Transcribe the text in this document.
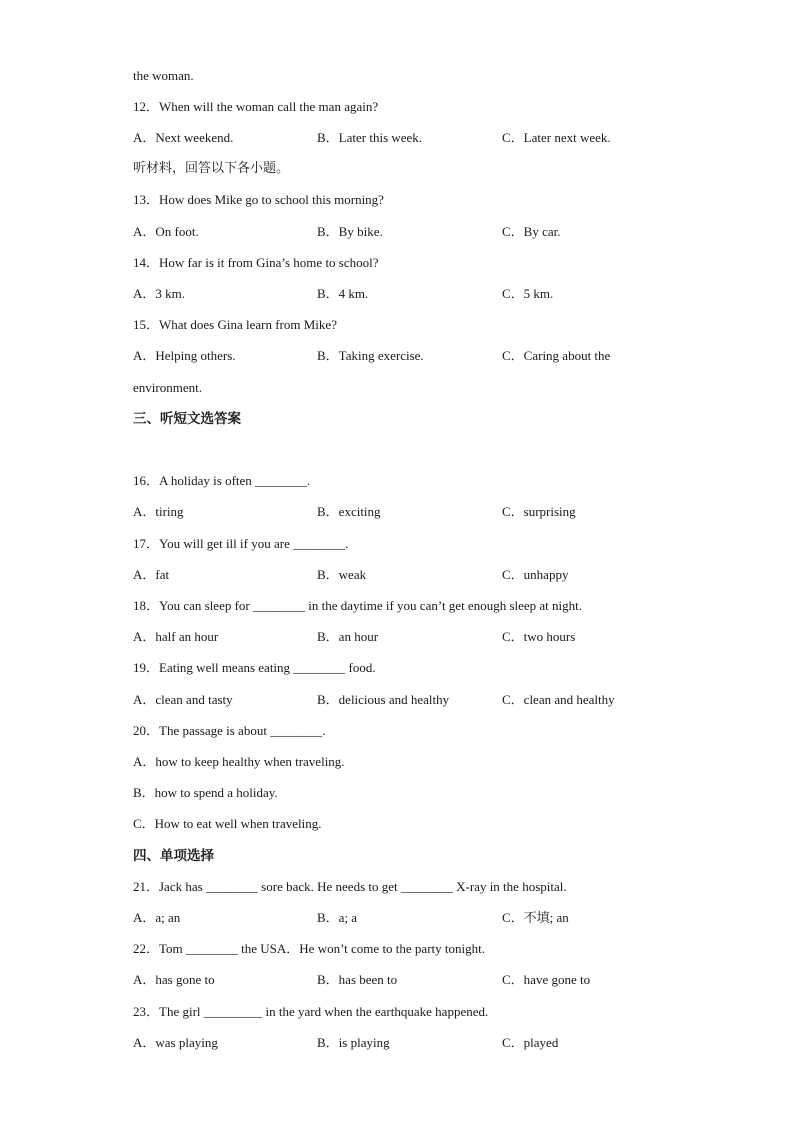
the woman.
12．When will the woman call the man again?
A．Next weekend.	B．Later this week.	C．Later next week.
听材料，回答以下各小题。
13．How does Mike go to school this morning?
A．On foot.	B．By bike.	C．By car.
14．How far is it from Gina’s home to school?
A．3 km.	B．4 km.	C．5 km.
15．What does Gina learn from Mike?
A．Helping others.	B．Taking exercise.	C．Caring about the
environment.
三、听短文选答案
16．A holiday is often ________.
A．tiring	B．exciting	C．surprising
17．You will get ill if you are ________.
A．fat	B．weak	C．unhappy
18．You can sleep for ________ in the daytime if you can’t get enough sleep at night.
A．half an hour	B．an hour	C．two hours
19．Eating well means eating ________ food.
A．clean and tasty	B．delicious and healthy	C．clean and healthy
20．The passage is about ________.
A．how to keep healthy when traveling.
B．how to spend a holiday.
C．How to eat well when traveling.
四、单项选择
21．Jack has ________ sore back. He needs to get ________ X-ray in the hospital.
A．a; an	B．a; a	C．不填; an
22．Tom ________ the USA．He won’t come to the party tonight.
A．has gone to	B．has been to	C．have gone to
23．The girl _________ in the yard when the earthquake happened.
A．was playing	B．is playing	C．played
